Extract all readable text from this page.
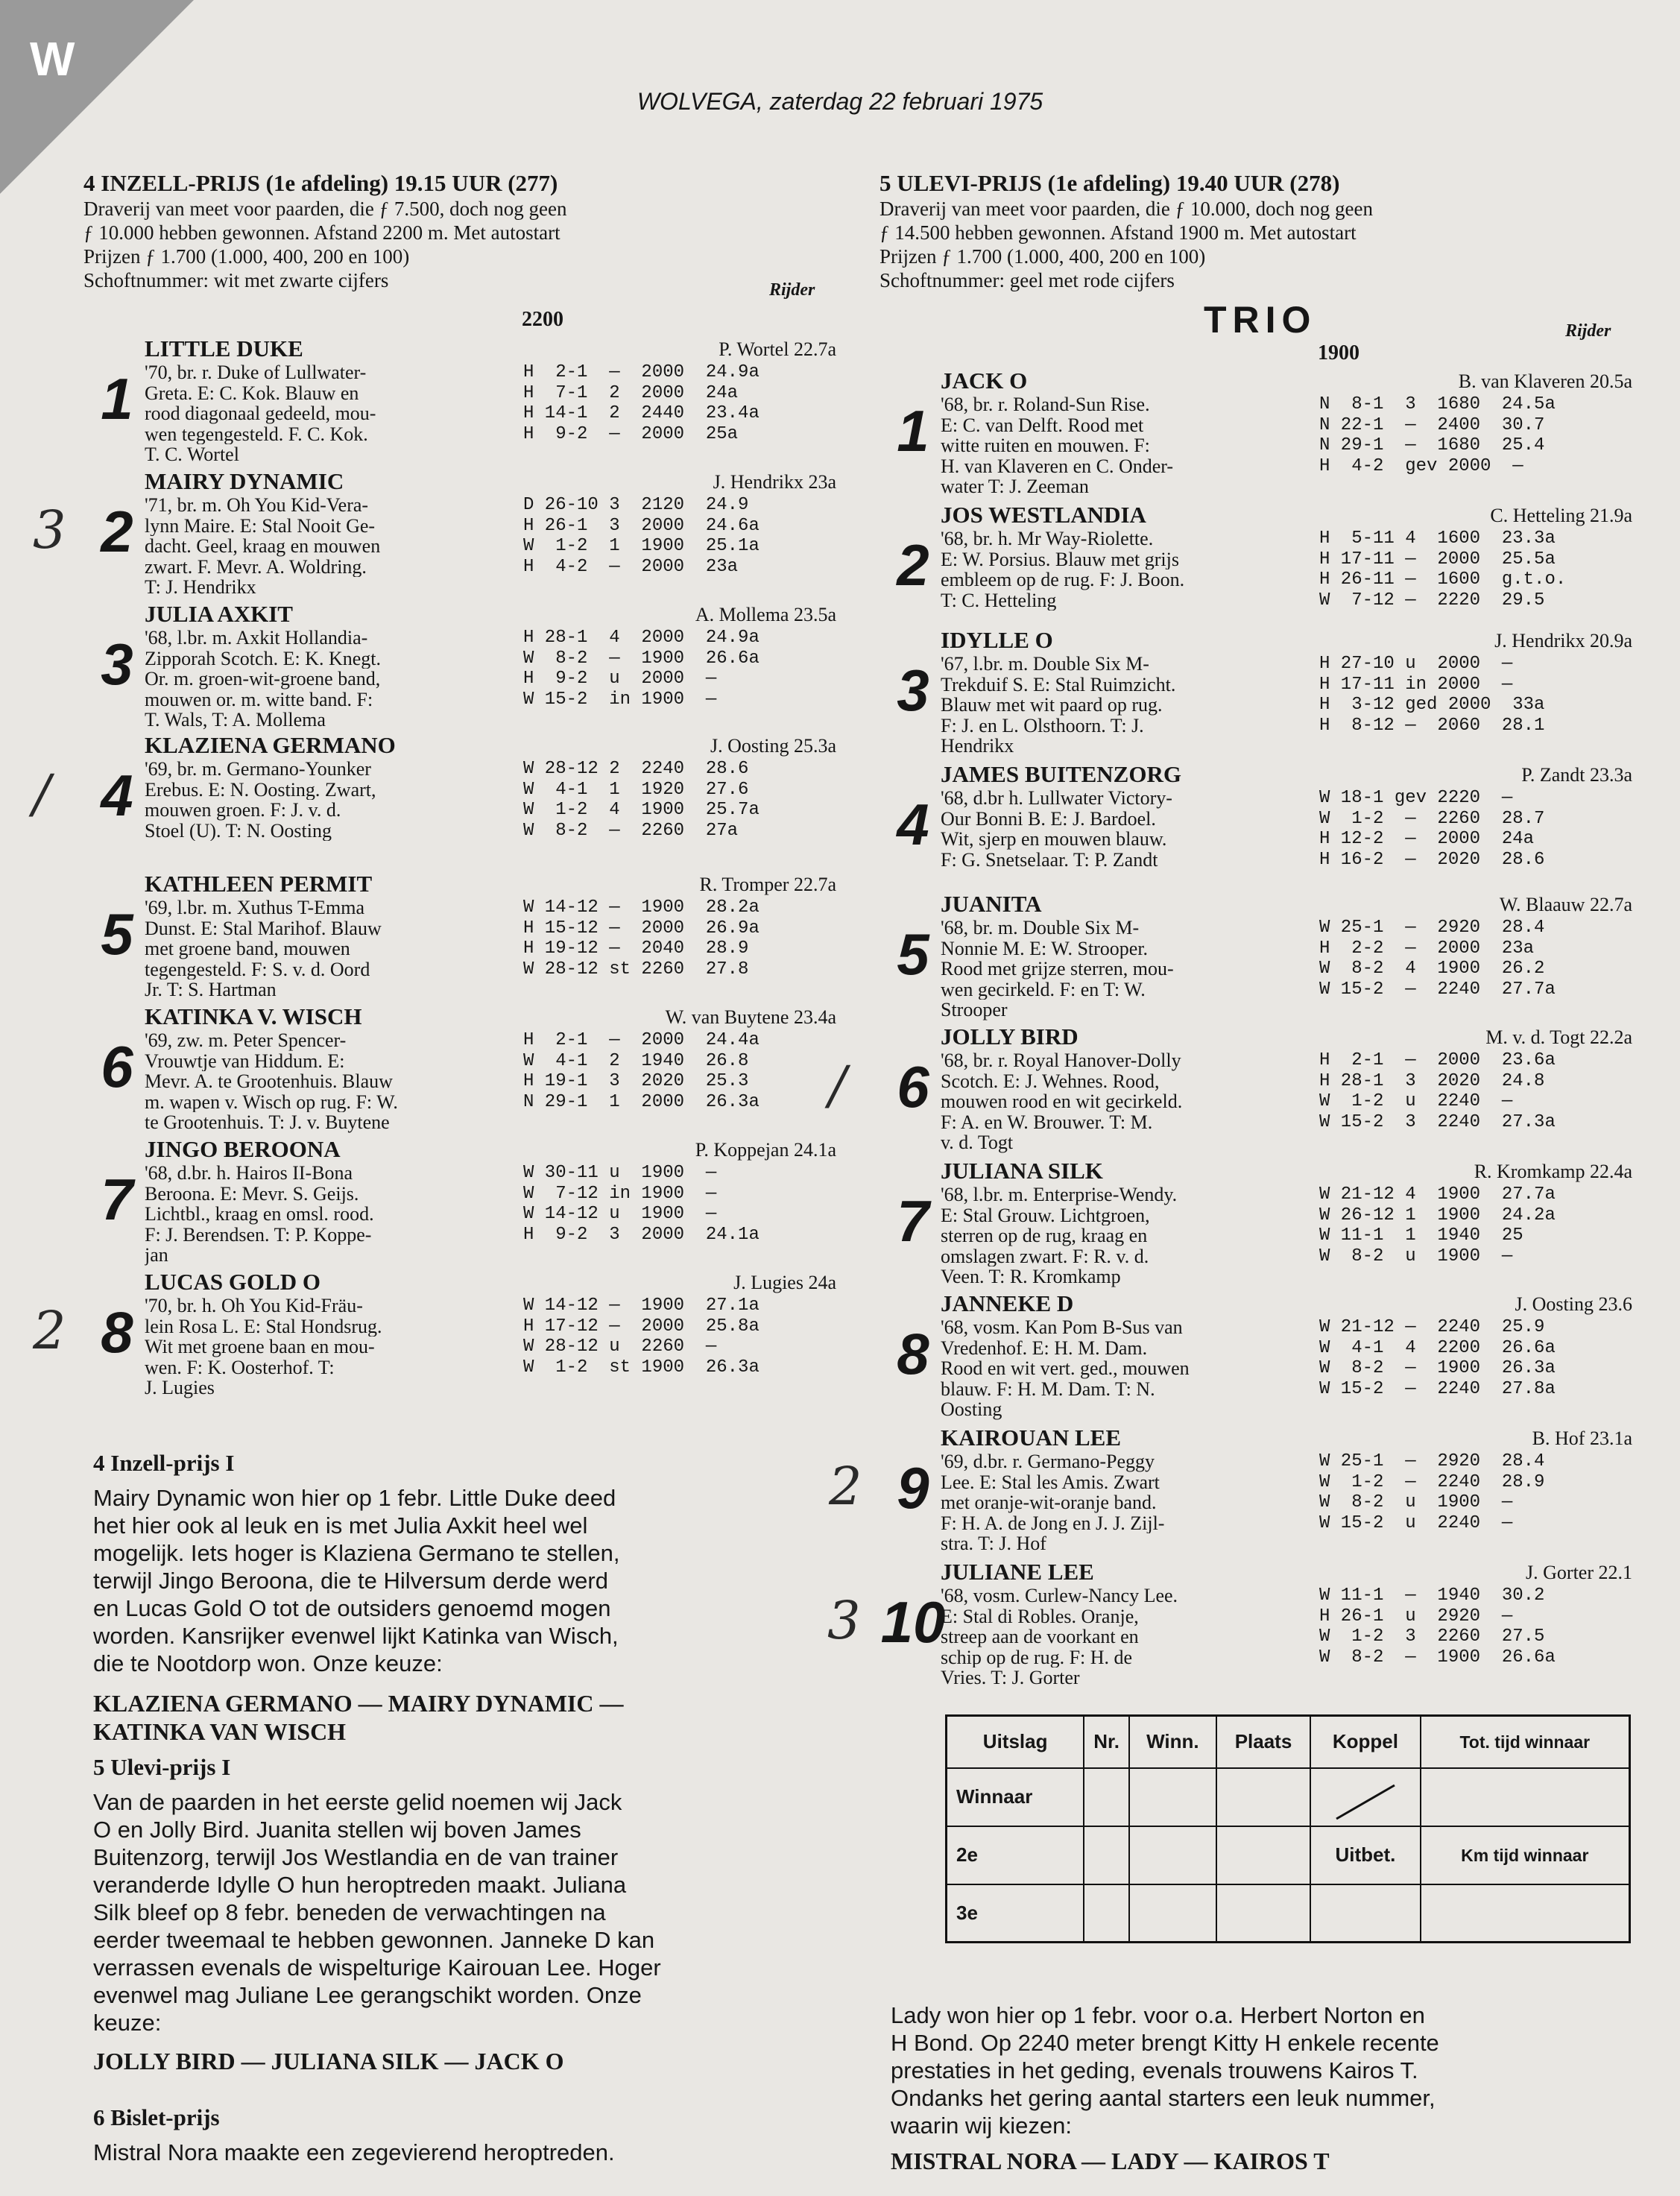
W
WOLVEGA, zaterdag 22 februari 1975
4 INZELL-PRIJS (1e afdeling) 19.15 UUR (277)
Draverij van meet voor paarden, die ƒ 7.500, doch nog geen
ƒ 10.000 hebben gewonnen. Afstand 2200 m. Met autostart
Prijzen ƒ 1.700 (1.000, 400, 200 en 100)
Schoftnummer: wit met zwarte cijfers	Rijder
2200
1
LITTLE DUKE	P. Wortel 22.7a
'70, br. r. Duke of Lullwater-
Greta. E: C. Kok. Blauw en
rood diagonaal gedeeld, mou-
wen tegengesteld. F. C. Kok.
T. C. Wortel
H  2-1  —  2000  24.9a
H  7-1  2  2000  24a
H 14-1  2  2440  23.4a
H  9-2  —  2000  25a
2
3
MAIRY DYNAMIC	J. Hendrikx 23a
'71, br. m. Oh You Kid-Vera-
lynn Maire. E: Stal Nooit Ge-
dacht. Geel, kraag en mouwen
zwart. F. Mevr. A. Woldring.
T: J. Hendrikx
D 26-10 3  2120  24.9
H 26-1  3  2000  24.6a
W  1-2  1  1900  25.1a
H  4-2  —  2000  23a
3
JULIA AXKIT	A. Mollema 23.5a
'68, l.br. m. Axkit Hollandia-
Zipporah Scotch. E: K. Knegt.
Or. m. groen-wit-groene band,
mouwen or. m. witte band. F:
T. Wals, T: A. Mollema
H 28-1  4  2000  24.9a
W  8-2  —  1900  26.6a
H  9-2  u  2000  —
W 15-2  in 1900  —
4
/
KLAZIENA GERMANO	J. Oosting 25.3a
'69, br. m. Germano-Younker
Erebus. E: N. Oosting. Zwart,
mouwen groen. F: J. v. d.
Stoel (U). T: N. Oosting
W 28-12 2  2240  28.6
W  4-1  1  1920  27.6
W  1-2  4  1900  25.7a
W  8-2  —  2260  27a
5
KATHLEEN PERMIT	R. Tromper 22.7a
'69, l.br. m. Xuthus T-Emma
Dunst. E: Stal Marihof. Blauw
met groene band, mouwen
tegengesteld. F: S. v. d. Oord
Jr. T: S. Hartman
W 14-12 —  1900  28.2a
H 15-12 —  2000  26.9a
H 19-12 —  2040  28.9
W 28-12 st 2260  27.8
6
KATINKA V. WISCH	W. van Buytene 23.4a
'69, zw. m. Peter Spencer-
Vrouwtje van Hiddum. E:
Mevr. A. te Grootenhuis. Blauw
m. wapen v. Wisch op rug. F: W.
te Grootenhuis. T: J. v. Buytene
H  2-1  —  2000  24.4a
W  4-1  2  1940  26.8
H 19-1  3  2020  25.3
N 29-1  1  2000  26.3a
7
JINGO BEROONA	P. Koppejan 24.1a
'68, d.br. h. Hairos II-Bona
Beroona. E: Mevr. S. Geijs.
Lichtbl., kraag en omsl. rood.
F: J. Berendsen. T: P. Koppe-
jan
W 30-11 u  1900  —
W  7-12 in 1900  —
W 14-12 u  1900  —
H  9-2  3  2000  24.1a
8
2
LUCAS GOLD O	J. Lugies 24a
'70, br. h. Oh You Kid-Fräu-
lein Rosa L. E: Stal Hondsrug.
Wit met groene baan en mou-
wen. F: K. Oosterhof. T:
J. Lugies
W 14-12 —  1900  27.1a
H 17-12 —  2000  25.8a
W 28-12 u  2260  —
W  1-2  st 1900  26.3a
5 ULEVI-PRIJS (1e afdeling) 19.40 UUR (278)
Draverij van meet voor paarden, die ƒ 10.000, doch nog geen
ƒ 14.500 hebben gewonnen. Afstand 1900 m. Met autostart
Prijzen ƒ 1.700 (1.000, 400, 200 en 100)
Schoftnummer: geel met rode cijfers
TRIO	Rijder
1900
1
JACK O	B. van Klaveren 20.5a
'68, br. r. Roland-Sun Rise.
E: C. van Delft. Rood met
witte ruiten en mouwen. F:
H. van Klaveren en C. Onder-
water T: J. Zeeman
N  8-1  3  1680  24.5a
N 22-1  —  2400  30.7
N 29-1  —  1680  25.4
H  4-2  gev 2000  —
2
JOS WESTLANDIA	C. Hetteling 21.9a
'68, br. h. Mr Way-Riolette.
E: W. Porsius. Blauw met grijs
embleem op de rug. F: J. Boon.
T: C. Hetteling
H  5-11 4  1600  23.3a
H 17-11 —  2000  25.5a
H 26-11 —  1600  g.t.o.
W  7-12 —  2220  29.5
3
IDYLLE O	J. Hendrikx 20.9a
'67, l.br. m. Double Six M-
Trekduif S. E: Stal Ruimzicht.
Blauw met wit paard op rug.
F: J. en L. Olsthoorn. T: J.
Hendrikx
H 27-10 u  2000  —
H 17-11 in 2000  —
H  3-12 ged 2000  33a
H  8-12 —  2060  28.1
4
JAMES BUITENZORG	P. Zandt 23.3a
'68, d.br h. Lullwater Victory-
Our Bonni B. E: J. Bardoel.
Wit, sjerp en mouwen blauw.
F: G. Snetselaar. T: P. Zandt
W 18-1 gev 2220  —
W  1-2  —  2260  28.7
H 12-2  —  2000  24a
H 16-2  —  2020  28.6
5
JUANITA	W. Blaauw 22.7a
'68, br. m. Double Six M-
Nonnie M. E: W. Strooper.
Rood met grijze sterren, mou-
wen gecirkeld. F: en T: W.
Strooper
W 25-1  —  2920  28.4
H  2-2  —  2000  23a
W  8-2  4  1900  26.2
W 15-2  —  2240  27.7a
6
/
JOLLY BIRD	M. v. d. Togt 22.2a
'68, br. r. Royal Hanover-Dolly
Scotch. E: J. Wehnes. Rood,
mouwen rood en wit gecirkeld.
F: A. en W. Brouwer. T: M.
v. d. Togt
H  2-1  —  2000  23.6a
H 28-1  3  2020  24.8
W  1-2  u  2240  —
W 15-2  3  2240  27.3a
7
JULIANA SILK	R. Kromkamp 22.4a
'68, l.br. m. Enterprise-Wendy.
E: Stal Grouw. Lichtgroen,
sterren op de rug, kraag en
omslagen zwart. F: R. v. d.
Veen. T: R. Kromkamp
W 21-12 4  1900  27.7a
W 26-12 1  1900  24.2a
W 11-1  1  1940  25
W  8-2  u  1900  —
8
JANNEKE D	J. Oosting 23.6
'68, vosm. Kan Pom B-Sus van
Vredenhof. E: H. M. Dam.
Rood en wit vert. ged., mouwen
blauw. F: H. M. Dam. T: N.
Oosting
W 21-12 —  2240  25.9
W  4-1  4  2200  26.6a
W  8-2  —  1900  26.3a
W 15-2  —  2240  27.8a
9
2
KAIROUAN LEE	B. Hof 23.1a
'69, d.br. r. Germano-Peggy
Lee. E: Stal les Amis. Zwart
met oranje-wit-oranje band.
F: H. A. de Jong en J. J. Zijl-
stra. T: J. Hof
W 25-1  —  2920  28.4
W  1-2  —  2240  28.9
W  8-2  u  1900  —
W 15-2  u  2240  —
10
3
JULIANE LEE	J. Gorter 22.1
'68, vosm. Curlew-Nancy Lee.
E: Stal di Robles. Oranje,
streep aan de voorkant en
schip op de rug. F: H. de
Vries. T: J. Gorter
W 11-1  —  1940  30.2
H 26-1  u  2920  —
W  1-2  3  2260  27.5
W  8-2  —  1900  26.6a
4 Inzell-prijs I
Mairy Dynamic won hier op 1 febr. Little Duke deed
het hier ook al leuk en is met Julia Axkit heel wel
mogelijk. Iets hoger is Klaziena Germano te stellen,
terwijl Jingo Beroona, die te Hilversum derde werd
en Lucas Gold O tot de outsiders genoemd mogen
worden. Kansrijker evenwel lijkt Katinka van Wisch,
die te Nootdorp won. Onze keuze:
KLAZIENA GERMANO — MAIRY DYNAMIC —
KATINKA VAN WISCH
5 Ulevi-prijs I
Van de paarden in het eerste gelid noemen wij Jack
O en Jolly Bird. Juanita stellen wij boven James
Buitenzorg, terwijl Jos Westlandia en de van trainer
veranderde Idylle O hun heroptreden maakt. Juliana
Silk bleef op 8 febr. beneden de verwachtingen na
eerder tweemaal te hebben gewonnen. Janneke D kan
verrassen evenals de wispelturige Kairouan Lee. Hoger
evenwel mag Juliane Lee gerangschikt worden. Onze
keuze:
JOLLY BIRD — JULIANA SILK — JACK O
6 Bislet-prijs
Mistral Nora maakte een zegevierend heroptreden.
Uitslag	Nr.	Winn.	Plaats	Koppel	Tot. tijd winnaar
Winnaar					
2e				Uitbet.	Km tijd winnaar
3e					
Lady won hier op 1 febr. voor o.a. Herbert Norton en
H Bond. Op 2240 meter brengt Kitty H enkele recente
prestaties in het geding, evenals trouwens Kairos T.
Ondanks het gering aantal starters een leuk nummer,
waarin wij kiezen:
MISTRAL NORA — LADY — KAIROS T
